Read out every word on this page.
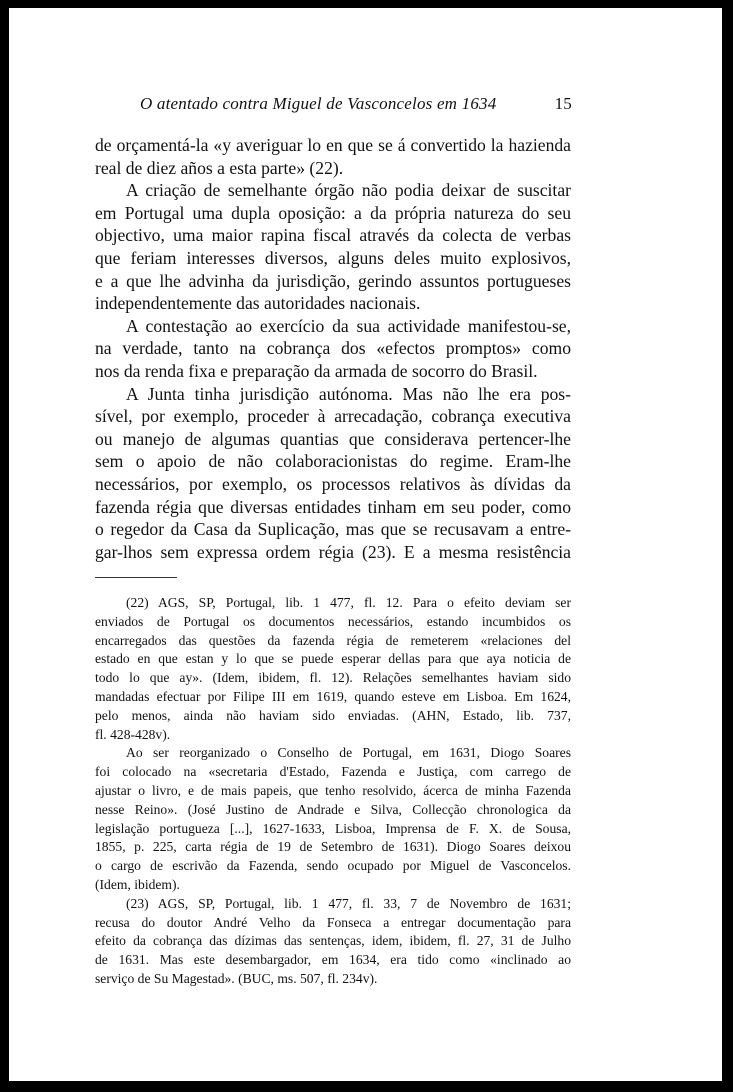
O atentado contra Miguel de Vasconcelos em 1634	15
de orçamentá-la «y averiguar lo en que se á convertido la hazienda
real de diez años a esta parte» (22).
A criação de semelhante órgão não podia deixar de suscitar
em Portugal uma dupla oposição: a da própria natureza do seu
objectivo, uma maior rapina fiscal através da colecta de verbas
que feriam interesses diversos, alguns deles muito explosivos,
e a que lhe advinha da jurisdição, gerindo assuntos portugueses
independentemente das autoridades nacionais.
A contestação ao exercício da sua actividade manifestou-se,
na verdade, tanto na cobrança dos «efectos promptos» como
nos da renda fixa e preparação da armada de socorro do Brasil.
A Junta tinha jurisdição autónoma. Mas não lhe era pos-
sível, por exemplo, proceder à arrecadação, cobrança executiva
ou manejo de algumas quantias que considerava pertencer-lhe
sem o apoio de não colaboracionistas do regime. Eram-lhe
necessários, por exemplo, os processos relativos às dívidas da
fazenda régia que diversas entidades tinham em seu poder, como
o regedor da Casa da Suplicação, mas que se recusavam a entre-
gar-lhos sem expressa ordem régia (23). E a mesma resistência
(22) AGS, SP, Portugal, lib. 1 477, fl. 12. Para o efeito deviam ser
enviados de Portugal os documentos necessários, estando incumbidos os
encarregados das questões da fazenda régia de remeterem «relaciones del
estado en que estan y lo que se puede esperar dellas para que aya noticia de
todo lo que ay». (Idem, ibidem, fl. 12). Relações semelhantes haviam sido
mandadas efectuar por Filipe III em 1619, quando esteve em Lisboa. Em 1624,
pelo menos, ainda não haviam sido enviadas. (AHN, Estado, lib. 737,
fl. 428-428v).
Ao ser reorganizado o Conselho de Portugal, em 1631, Diogo Soares
foi colocado na «secretaria d'Estado, Fazenda e Justiça, com carrego de
ajustar o livro, e de mais papeis, que tenho resolvido, ácerca de minha Fazenda
nesse Reino». (José Justino de Andrade e Silva, Collecção chronologica da
legislação portugueza [...], 1627-1633, Lisboa, Imprensa de F. X. de Sousa,
1855, p. 225, carta régia de 19 de Setembro de 1631). Diogo Soares deixou
o cargo de escrivão da Fazenda, sendo ocupado por Miguel de Vasconcelos.
(Idem, ibidem).
(23) AGS, SP, Portugal, lib. 1 477, fl. 33, 7 de Novembro de 1631;
recusa do doutor André Velho da Fonseca a entregar documentação para
efeito da cobrança das dízimas das sentenças, idem, ibidem, fl. 27, 31 de Julho
de 1631. Mas este desembargador, em 1634, era tido como «inclinado ao
serviço de Su Magestad». (BUC, ms. 507, fl. 234v).
